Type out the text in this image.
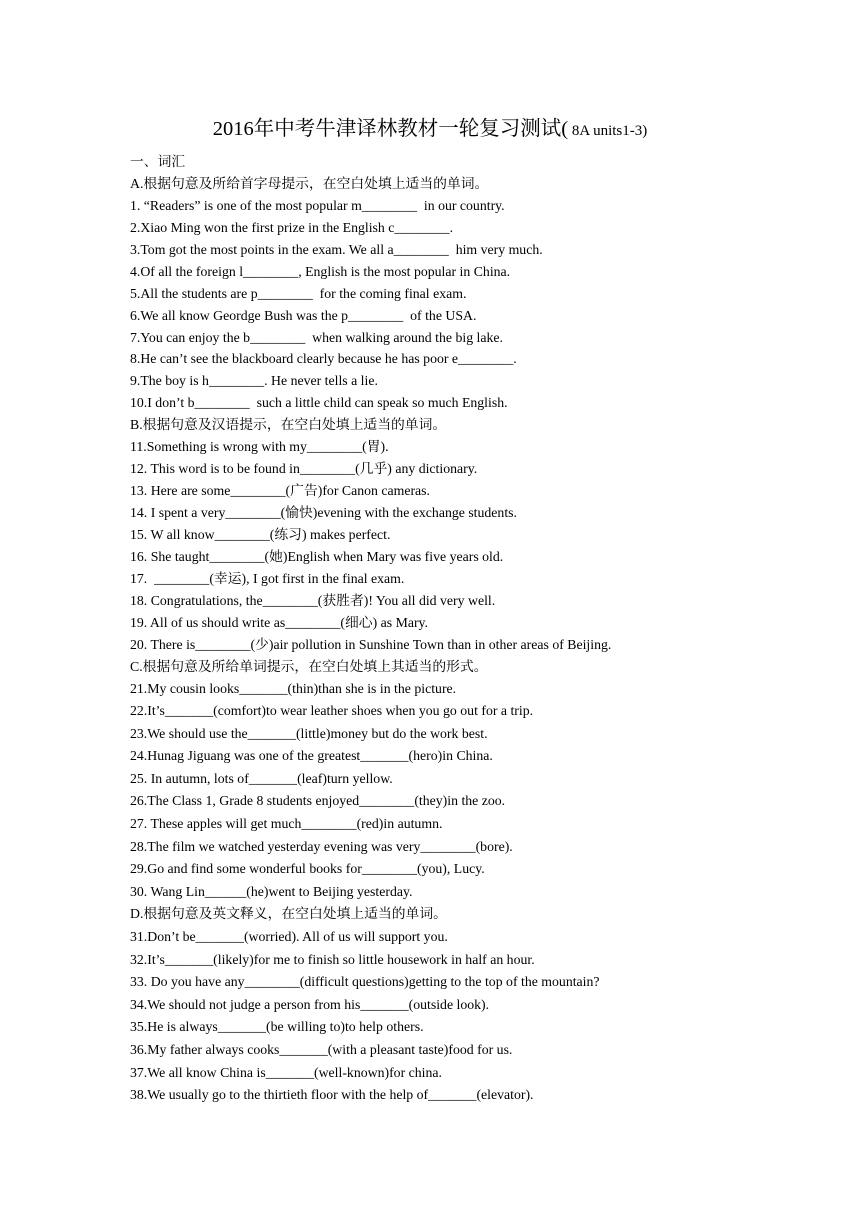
2016年中考牛津译林教材一轮复习测试( 8A units1-3)
一、词汇
A.根据句意及所给首字母提示，在空白处填上适当的单词。
1. “Readers” is one of the most popular m________  in our country.
2.Xiao Ming won the first prize in the English c________.
3.Tom got the most points in the exam. We all a________  him very much.
4.Of all the foreign l________, English is the most popular in China.
5.All the students are p________  for the coming final exam.
6.We all know Geordge Bush was the p________  of the USA.
7.You can enjoy the b________  when walking around the big lake.
8.He can’t see the blackboard clearly because he has poor e________.
9.The boy is h________. He never tells a lie.
10.I don’t b________  such a little child can speak so much English.
B.根据句意及汉语提示，在空白处填上适当的单词。
11.Something is wrong with my________(胃).
12. This word is to be found in________(几乎) any dictionary.
13. Here are some________(广告)for Canon cameras.
14. I spent a very________(愉快)evening with the exchange students.
15. W all know________(练习) makes perfect.
16. She taught________(她)English when Mary was five years old.
17.  ________(幸运), I got first in the final exam.
18. Congratulations, the________(获胜者)! You all did very well.
19. All of us should write as________(细心) as Mary.
20. There is________(少)air pollution in Sunshine Town than in other areas of Beijing.
C.根据句意及所给单词提示，在空白处填上其适当的形式。
21.My cousin looks_______(thin)than she is in the picture.
22.It’s_______(comfort)to wear leather shoes when you go out for a trip.
23.We should use the_______(little)money but do the work best.
24.Hunag Jiguang was one of the greatest_______(hero)in China.
25. In autumn, lots of_______(leaf)turn yellow.
26.The Class 1, Grade 8 students enjoyed________(they)in the zoo.
27. These apples will get much________(red)in autumn.
28.The film we watched yesterday evening was very________(bore).
29.Go and find some wonderful books for________(you), Lucy.
30. Wang Lin______(he)went to Beijing yesterday.
D.根据句意及英文释义，在空白处填上适当的单词。
31.Don’t be_______(worried). All of us will support you.
32.It’s_______(likely)for me to finish so little housework in half an hour.
33. Do you have any________(difficult questions)getting to the top of the mountain?
34.We should not judge a person from his_______(outside look).
35.He is always_______(be willing to)to help others.
36.My father always cooks_______(with a pleasant taste)food for us.
37.We all know China is_______(well-known)for china.
38.We usually go to the thirtieth floor with the help of_______(elevator).
